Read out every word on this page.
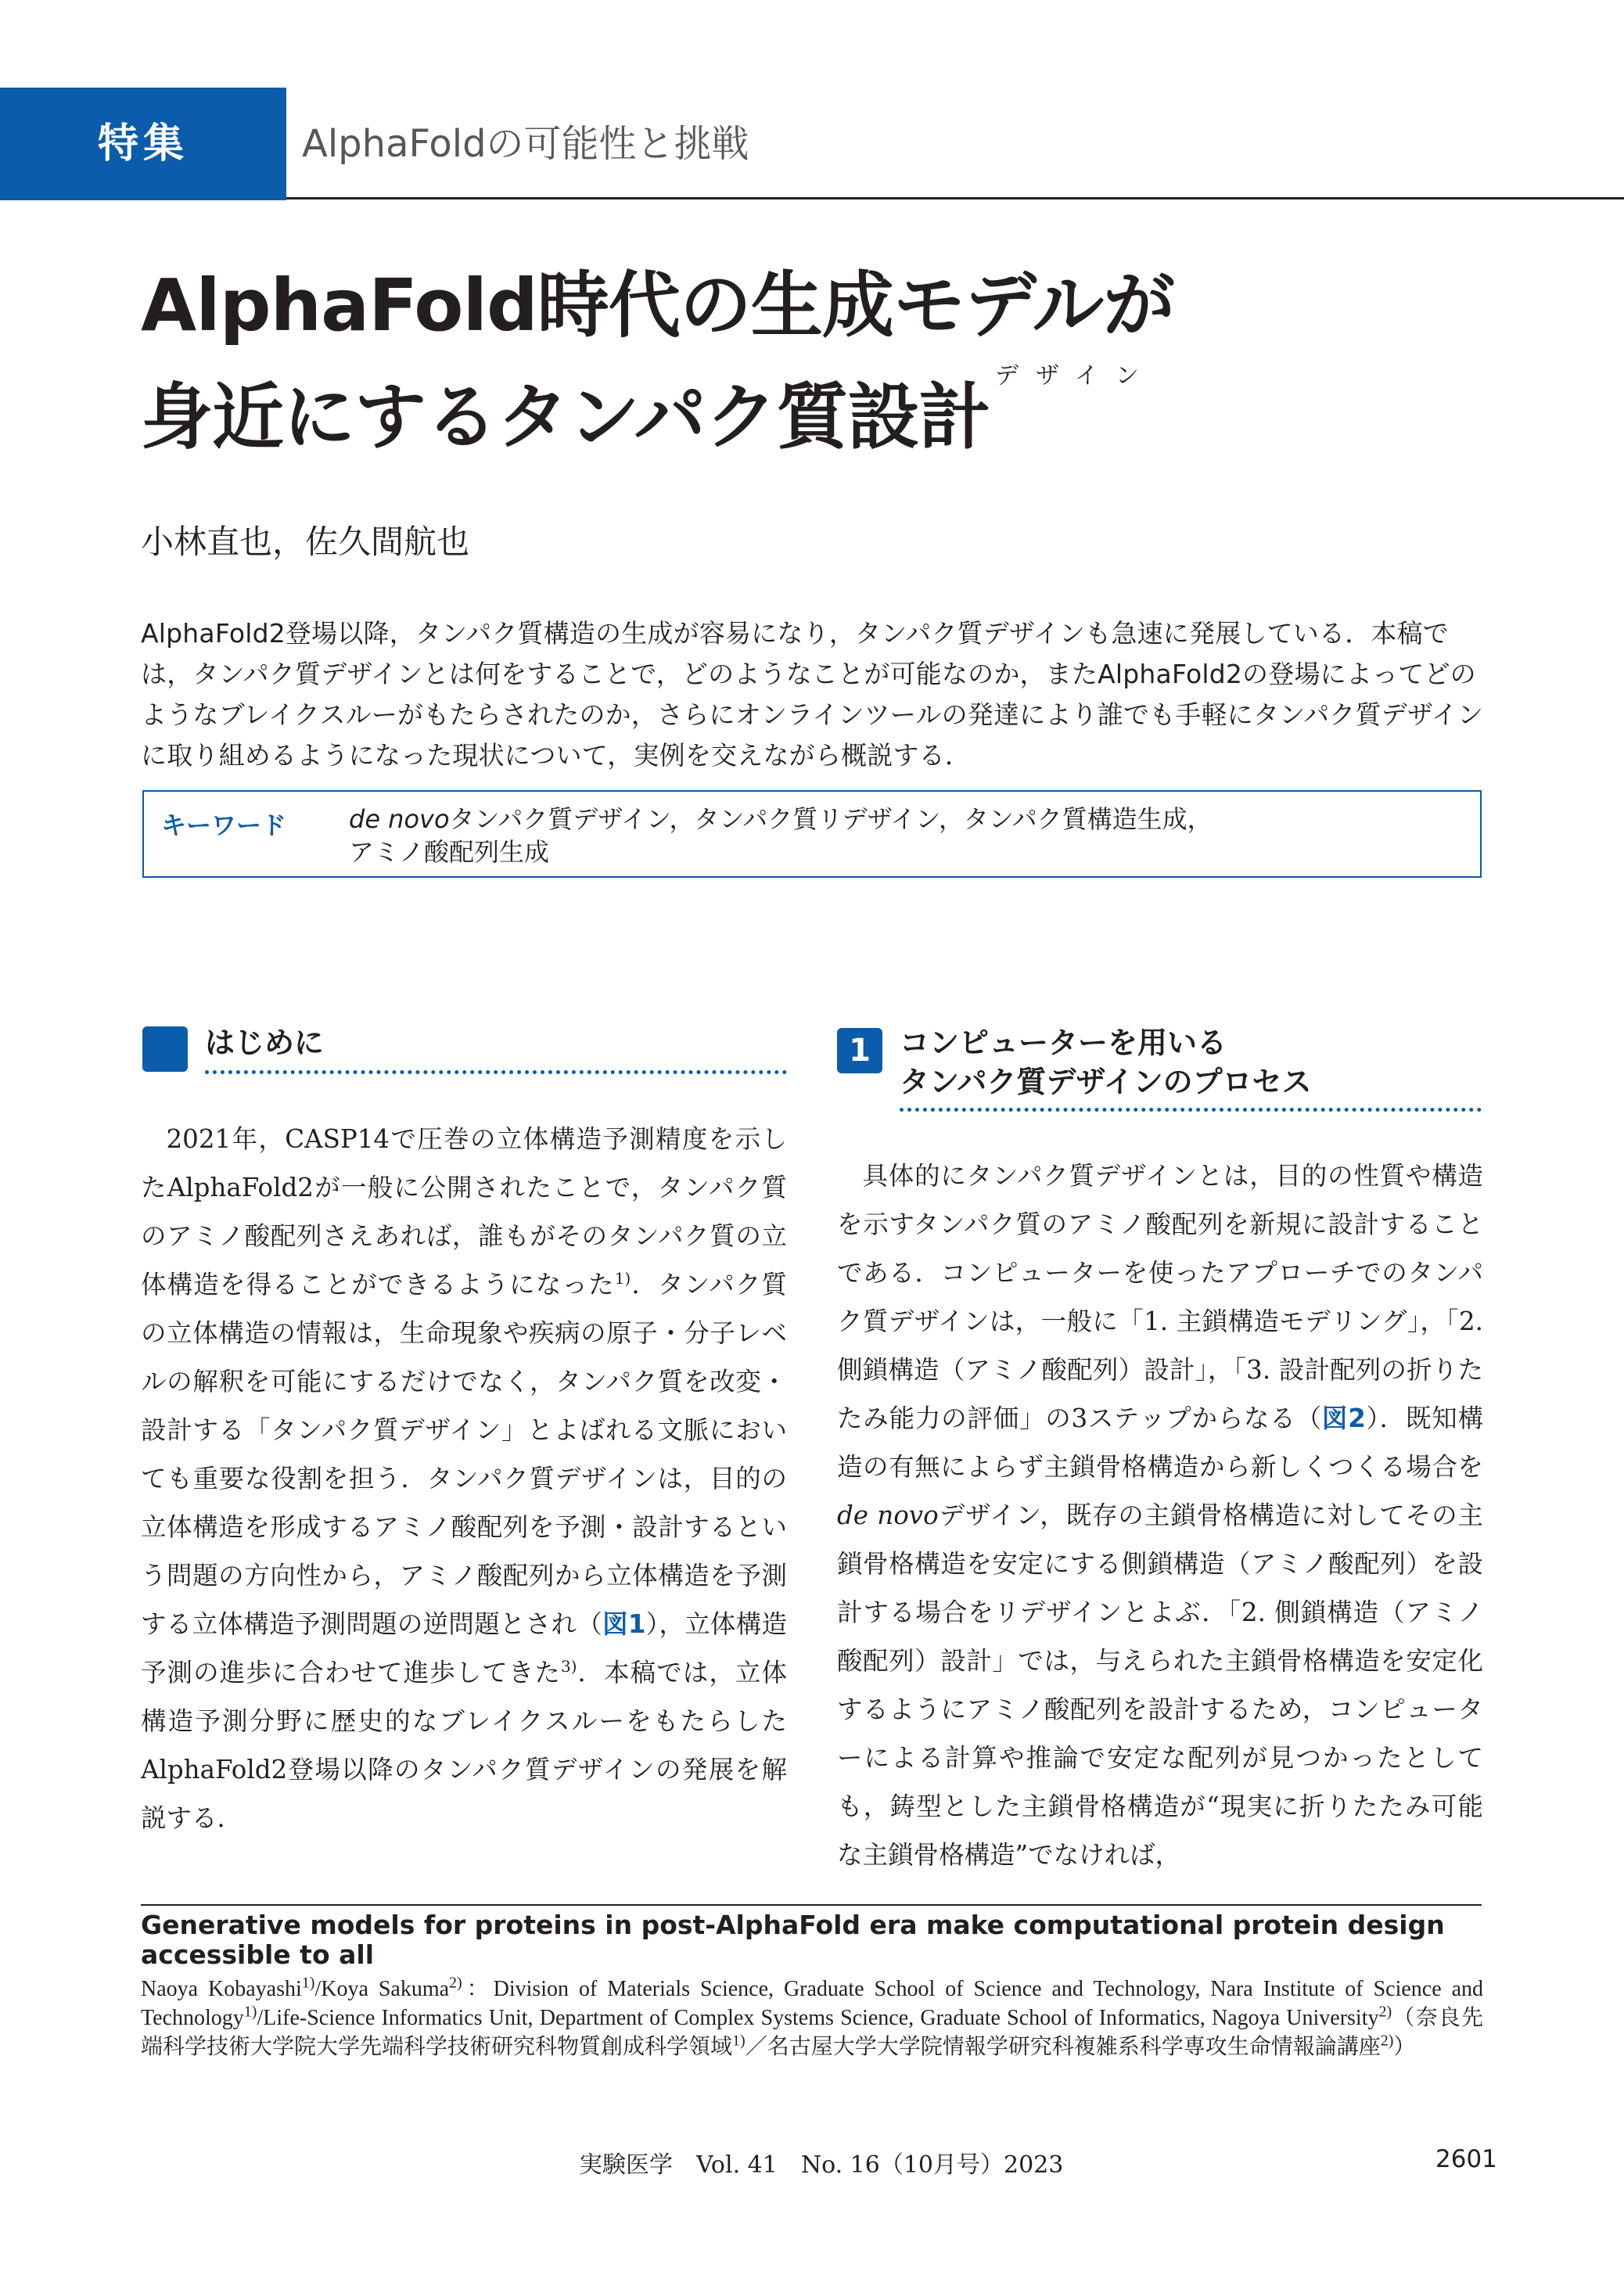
特集	AlphaFoldの可能性と挑戦
AlphaFold時代の生成モデルが
デザイン
身近にするタンパク質設計
小林直也，佐久間航也
AlphaFold2登場以降，タンパク質構造の生成が容易になり，タンパク質デザインも急速に発展している．本稿では，タンパク質デザインとは何をすることで，どのようなことが可能なのか，またAlphaFold2の登場によってどのようなブレイクスルーがもたらされたのか，さらにオンラインツールの発達により誰でも手軽にタンパク質デザインに取り組めるようになった現状について，実例を交えながら概説する．
キーワード de novoタンパク質デザイン，タンパク質リデザイン，タンパク質構造生成，
アミノ酸配列生成
はじめに

2021年，CASP14で圧巻の立体構造予測精度を示したAlphaFold2が一般に公開されたことで，タンパク質のアミノ酸配列さえあれば，誰もがそのタンパク質の立体構造を得ることができるようになった$^{1)}$．タンパク質の立体構造の情報は，生命現象や疾病の原子・分子レベルの解釈を可能にするだけでなく，タンパク質を改変・設計する「タンパク質デザイン」とよばれる文脈においても重要な役割を担う．タンパク質デザインは，目的の立体構造を形成するアミノ酸配列を予測・設計するという問題の方向性から，アミノ酸配列から立体構造を予測する立体構造予測問題の逆問題とされ（図1），立体構造予測の進歩に合わせて進歩してきた$^{3)}$．本稿では，立体構造予測分野に歴史的なブレイクスルーをもたらしたAlphaFold2登場以降のタンパク質デザインの発展を解説する．

1 コンピューターを用いる
タンパク質デザインのプロセス

具体的にタンパク質デザインとは，目的の性質や構造を示すタンパク質のアミノ酸配列を新規に設計することである．コンピューターを使ったアプローチでのタンパク質デザインは，一般に「1. 主鎖構造モデリング」，「2. 側鎖構造（アミノ酸配列）設計」，「3. 設計配列の折りたたみ能力の評価」の3ステップからなる（図2）．既知構造の有無によらず主鎖骨格構造から新しくつくる場合をde novoデザイン，既存の主鎖骨格構造に対してその主鎖骨格構造を安定にする側鎖構造（アミノ酸配列）を設計する場合をリデザインとよぶ．「2. 側鎖構造（アミノ酸配列）設計」では，与えられた主鎖骨格構造を安定化するようにアミノ酸配列を設計するため，コンピューターによる計算や推論で安定な配列が見つかったとしても，鋳型とした主鎖骨格構造が“現実に折りたたみ可能な主鎖骨格構造”でなければ，

Generative models for proteins in post-AlphaFold era make computational protein design accessible to all
Naoya Kobayashi$^{1)}$/Koya Sakuma$^{2)}$：Division of Materials Science, Graduate School of Science and Technology, Nara Institute of Science and Technology$^{1)}$/Life-Science Informatics Unit, Department of Complex Systems Science, Graduate School of Informatics, Nagoya University$^{2)}$（奈良先端科学技術大学院大学先端科学技術研究科物質創成科学領域$^{1)}$／名古屋大学大学院情報学研究科複雑系科学専攻生命情報論講座$^{2)}$）
実験医学　Vol. 41　No. 16（10月号）2023	2601
